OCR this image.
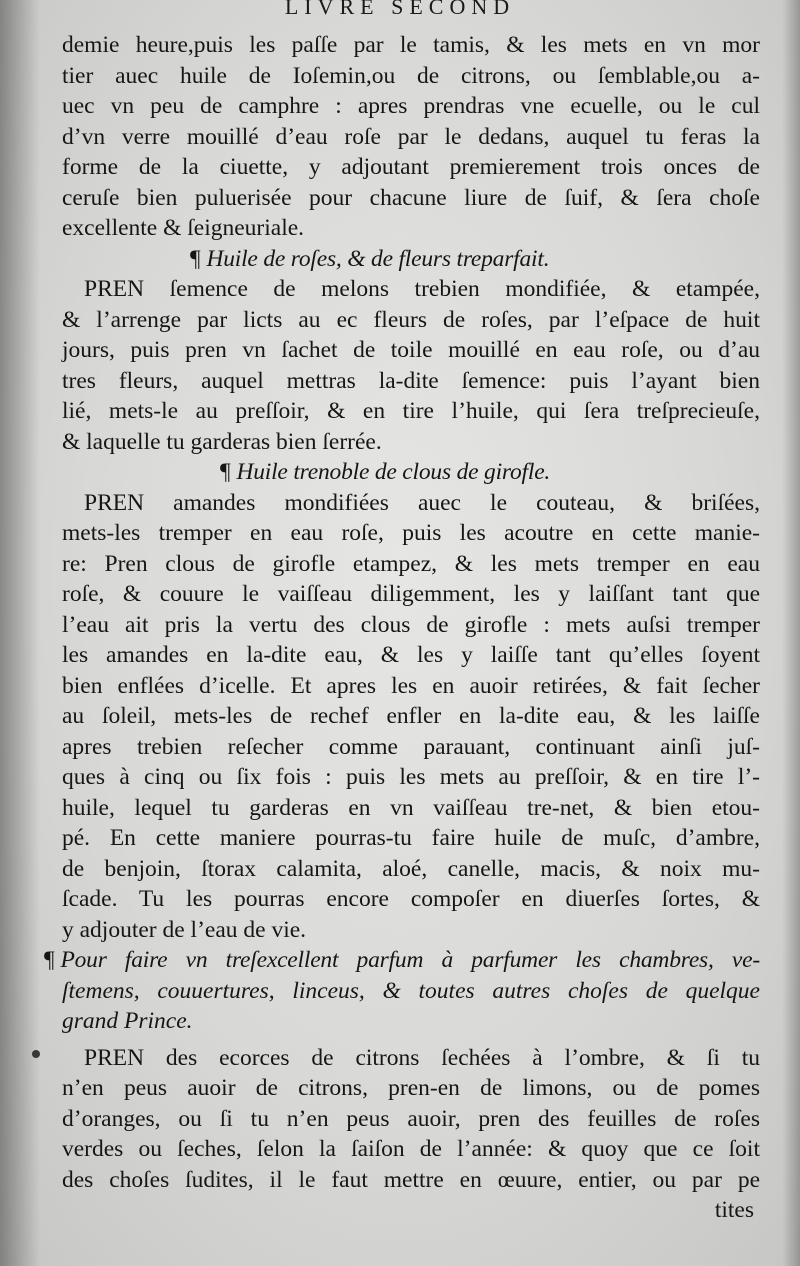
LIVRE SECOND
demie heure,puis les paſſe par le tamis, & les mets en vn mor
tier auec huile de Ioſemin,ou de citrons, ou ſemblable,ou a-
uec vn peu de camphre : apres prendras vne ecuelle, ou le cul
d’vn verre mouillé d’eau roſe par le dedans, auquel tu feras la
forme de la ciuette, y adjoutant premierement trois onces de
ceruſe bien puluerisée pour chacune liure de ſuif, & ſera choſe
excellente & ſeigneuriale.
¶ Huile de roſes, & de fleurs treparfait.
PREN ſemence de melons trebien mondifiée, & etampée,
& l’arrenge par licts au ec fleurs de roſes, par l’eſpace de huit
jours, puis pren vn ſachet de toile mouillé en eau roſe, ou d’au
tres fleurs, auquel mettras la-dite ſemence: puis l’ayant bien
lié, mets-le au preſſoir, & en tire l’huile, qui ſera treſprecieuſe,
& laquelle tu garderas bien ſerrée.
¶ Huile trenoble de clous de girofle.
PREN amandes mondifiées auec le couteau, & briſées,
mets-les tremper en eau roſe, puis les acoutre en cette manie-
re: Pren clous de girofle etampez, & les mets tremper en eau
roſe, & couure le vaiſſeau diligemment, les y laiſſant tant que
l’eau ait pris la vertu des clous de girofle : mets auſsi tremper
les amandes en la-dite eau, & les y laiſſe tant qu’elles ſoyent
bien enflées d’icelle. Et apres les en auoir retirées, & fait ſecher
au ſoleil, mets-les de rechef enfler en la-dite eau, & les laiſſe
apres trebien reſecher comme parauant, continuant ainſi juſ-
ques à cinq ou ſix fois : puis les mets au preſſoir, & en tire l’-
huile, lequel tu garderas en vn vaiſſeau tre-net, & bien etou-
pé. En cette maniere pourras-tu faire huile de muſc, d’ambre,
de benjoin, ſtorax calamita, aloé, canelle, macis, & noix mu-
ſcade. Tu les pourras encore compoſer en diuerſes ſortes, &
y adjouter de l’eau de vie.
¶ Pour faire vn treſexcellent parfum à parfumer les chambres, ve-
ſtemens, couuertures, linceus, & toutes autres choſes de quelque
grand Prince.
PREN des ecorces de citrons ſechées à l’ombre, & ſi tu
n’en peus auoir de citrons, pren-en de limons, ou de pomes
d’oranges, ou ſi tu n’en peus auoir, pren des feuilles de roſes
verdes ou ſeches, ſelon la ſaiſon de l’année: & quoy que ce ſoit
des choſes ſudites, il le faut mettre en œuure, entier, ou par pe
tites
